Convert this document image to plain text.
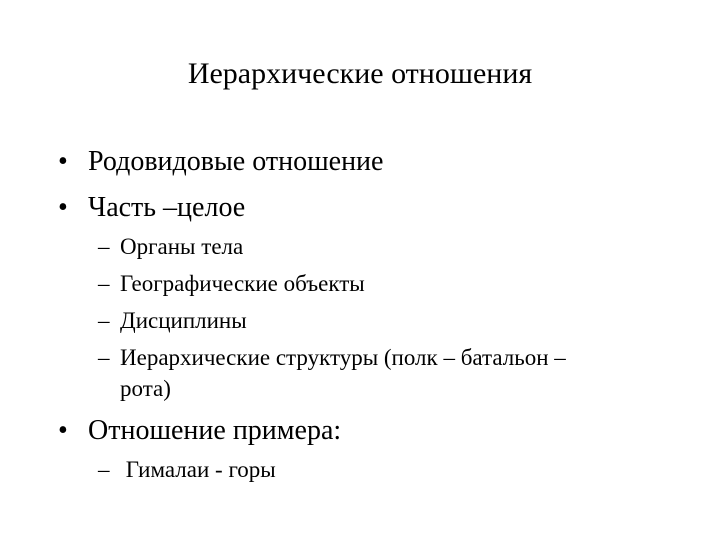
Иерархические отношения
• Родовидовые отношение
• Часть –целое
– Органы тела
– Географические объекты
– Дисциплины
– Иерархические структуры (полк – батальон –
рота)
• Отношение примера:
– Гималаи - горы
